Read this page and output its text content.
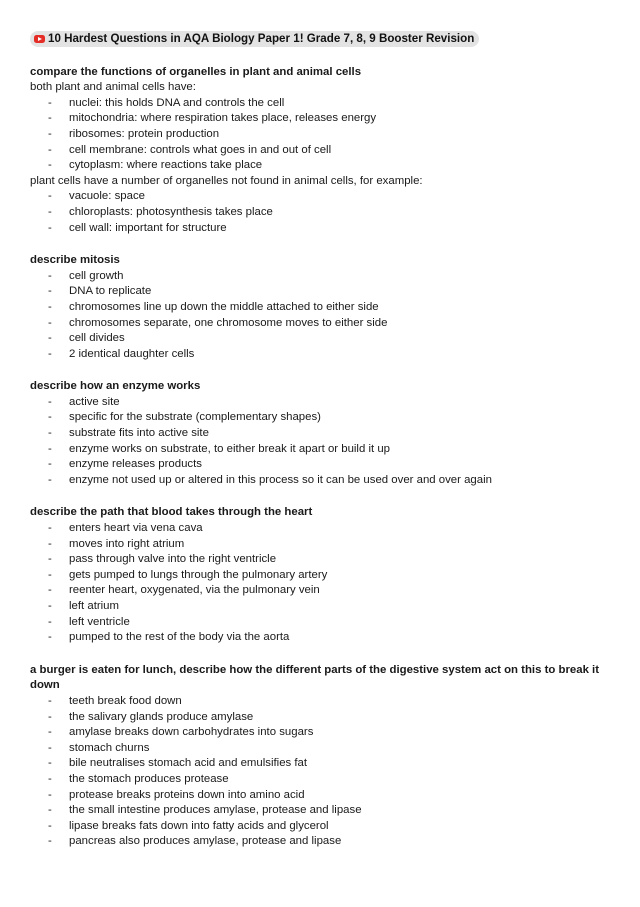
10 Hardest Questions in AQA Biology Paper 1! Grade 7, 8, 9 Booster Revision
compare the functions of organelles in plant and animal cells
both plant and animal cells have:
- nuclei: this holds DNA and controls the cell
- mitochondria: where respiration takes place, releases energy
- ribosomes: protein production
- cell membrane: controls what goes in and out of cell
- cytoplasm: where reactions take place
plant cells have a number of organelles not found in animal cells, for example:
- vacuole: space
- chloroplasts: photosynthesis takes place
- cell wall: important for structure
describe mitosis
- cell growth
- DNA to replicate
- chromosomes line up down the middle attached to either side
- chromosomes separate, one chromosome moves to either side
- cell divides
- 2 identical daughter cells
describe how an enzyme works
- active site
- specific for the substrate (complementary shapes)
- substrate fits into active site
- enzyme works on substrate, to either break it apart or build it up
- enzyme releases products
- enzyme not used up or altered in this process so it can be used over and over again
describe the path that blood takes through the heart
- enters heart via vena cava
- moves into right atrium
- pass through valve into the right ventricle
- gets pumped to lungs through the pulmonary artery
- reenter heart, oxygenated, via the pulmonary vein
- left atrium
- left ventricle
- pumped to the rest of the body via the aorta
a burger is eaten for lunch, describe how the different parts of the digestive system act on this to break it down
- teeth break food down
- the salivary glands produce amylase
- amylase breaks down carbohydrates into sugars
- stomach churns
- bile neutralises stomach acid and emulsifies fat
- the stomach produces protease
- protease breaks proteins down into amino acid
- the small intestine produces amylase, protease and lipase
- lipase breaks fats down into fatty acids and glycerol
- pancreas also produces amylase, protease and lipase
